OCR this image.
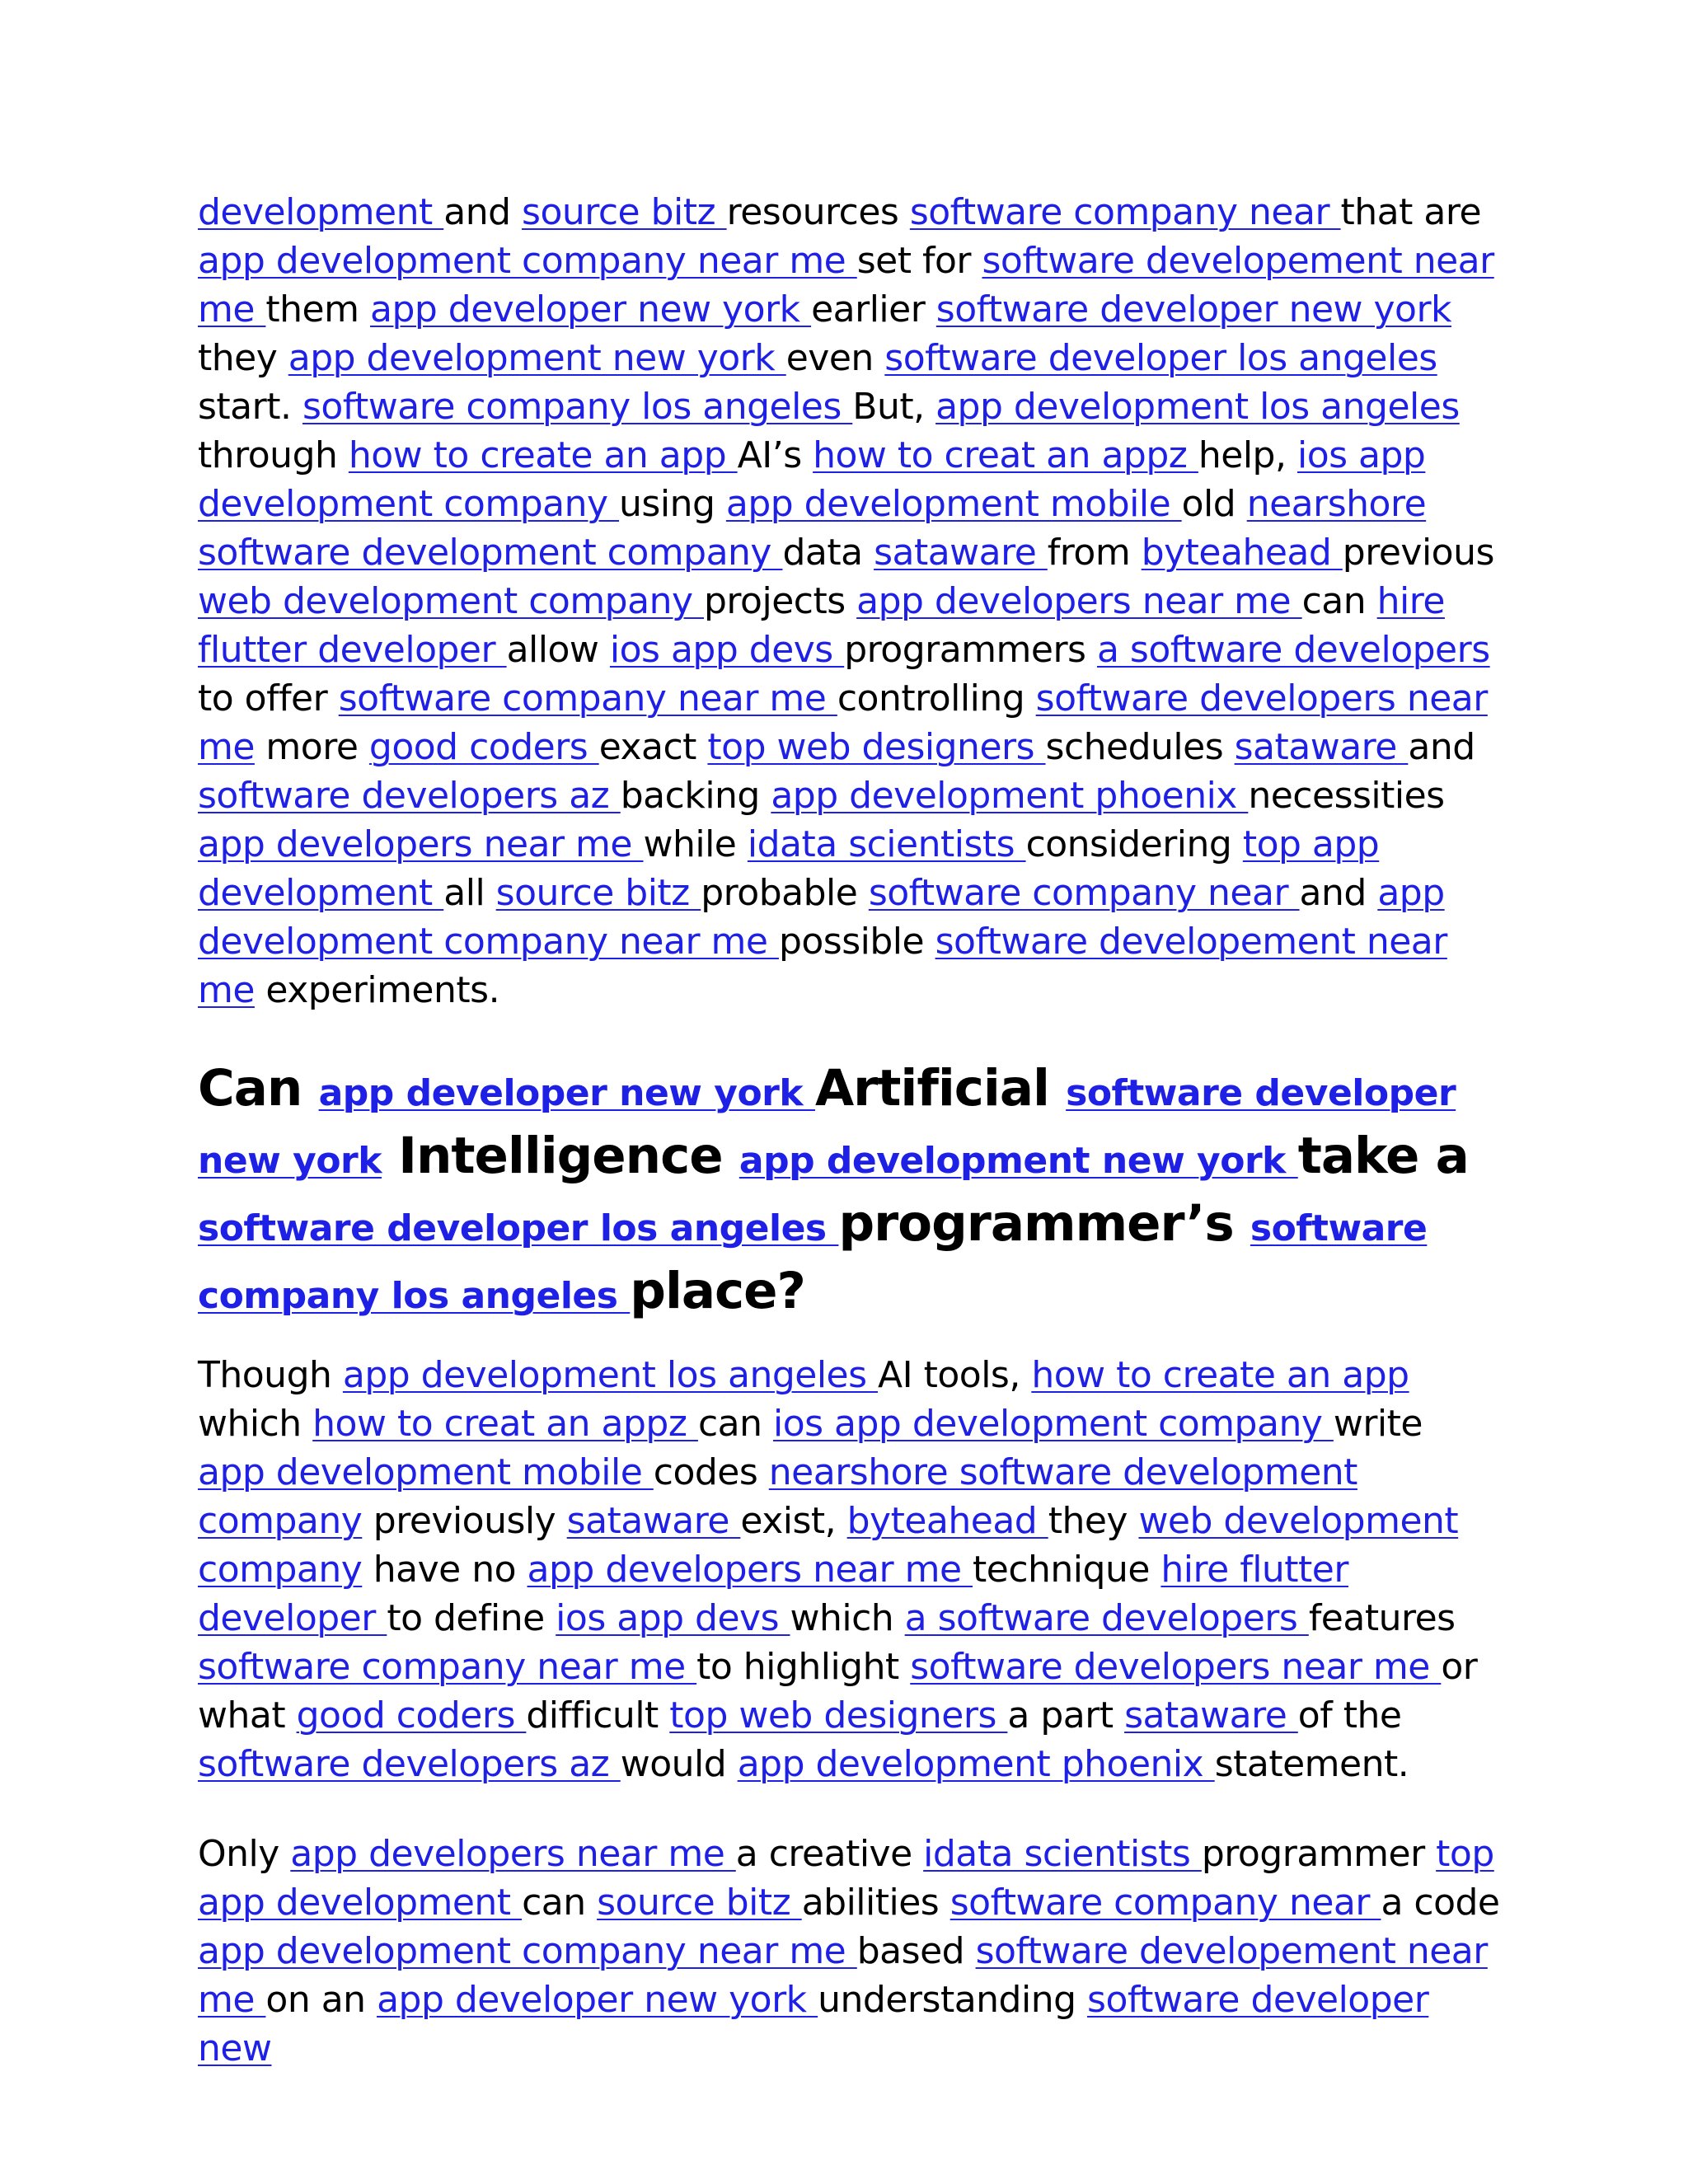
development and source bitz resources software company near that are app development company near me set for software developement near me them app developer new york earlier software developer new york they app development new york even software developer los angeles start. software company los angeles But, app development los angeles through how to create an app AI’s how to creat an appz help, ios app development company using app development mobile old nearshore software development company data sataware from byteahead previous web development company projects app developers near me can hire flutter developer allow ios app devs programmers a software developers to offer software company near me controlling software developers near me more good coders exact top web designers schedules sataware and software developers az backing app development phoenix necessities app developers near me while idata scientists considering top app development all source bitz probable software company near and app development company near me possible software developement near me experiments.

Can app developer new york Artificial software developer new york Intelligence app development new york take a software developer los angeles programmer’s software company los angeles place?

Though app development los angeles AI tools, how to create an app which how to creat an appz can ios app development company write app development mobile codes nearshore software development company previously sataware exist, byteahead they web development company have no app developers near me technique hire flutter developer to define ios app devs which a software developers features software company near me to highlight software developers near me or what good coders difficult top web designers a part sataware of the software developers az would app development phoenix statement.

Only app developers near me a creative idata scientists programmer top app development can source bitz abilities software company near a code app development company near me based software developement near me on an app developer new york understanding software developer new
